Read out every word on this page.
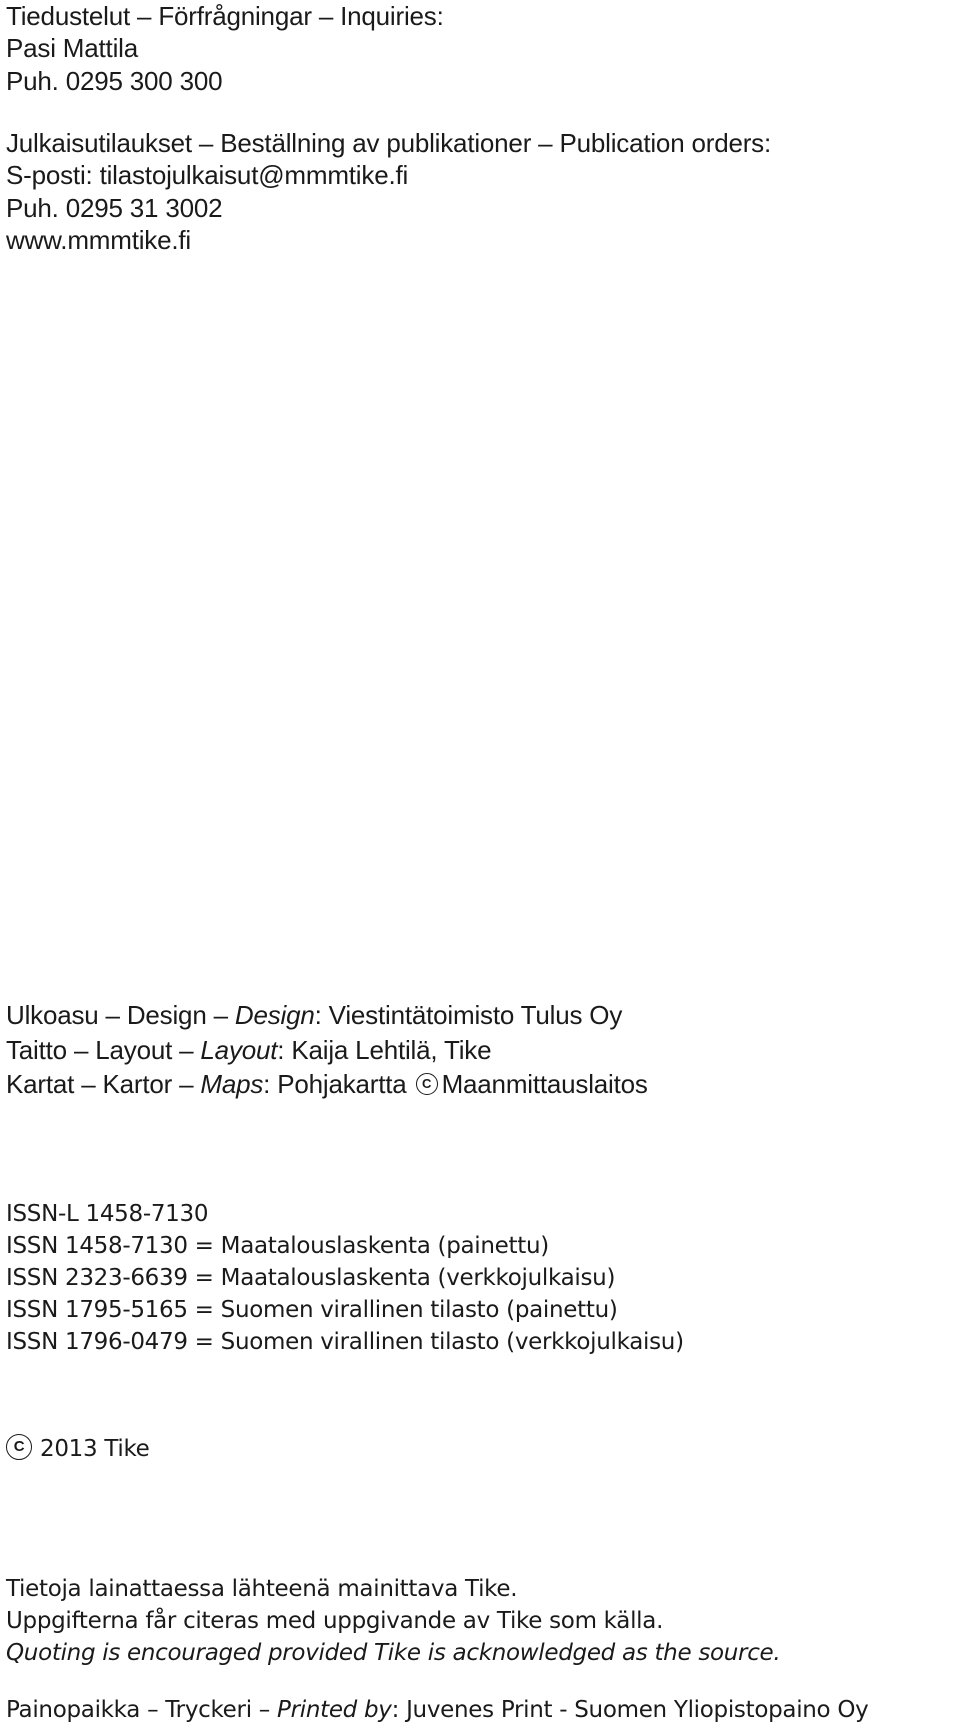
Tiedustelut – Förfrågningar – Inquiries:
Pasi Mattila
Puh. 0295 300 300
Julkaisutilaukset – Beställning av publikationer – Publication orders:
S-posti: tilastojulkaisut@mmmtike.fi
Puh. 0295 31 3002
www.mmmtike.fi
Ulkoasu – Design – Design: Viestintätoimisto Tulus Oy
Taitto – Layout – Layout: Kaija Lehtilä, Tike
Kartat – Kartor – Maps: Pohjakartta C Maanmittauslaitos
ISSN-L 1458-7130
ISSN 1458-7130 = Maatalouslaskenta (painettu)
ISSN 2323-6639 = Maatalouslaskenta (verkkojulkaisu)
ISSN 1795-5165 = Suomen virallinen tilasto (painettu)
ISSN 1796-0479 = Suomen virallinen tilasto (verkkojulkaisu)
C2013 Tike
Tietoja lainattaessa lähteenä mainittava Tike.
Uppgifterna får citeras med uppgivande av Tike som källa.
Quoting is encouraged provided Tike is acknowledged as the source.
Painopaikka – Tryckeri – Printed by: Juvenes Print - Suomen Yliopistopaino Oy
